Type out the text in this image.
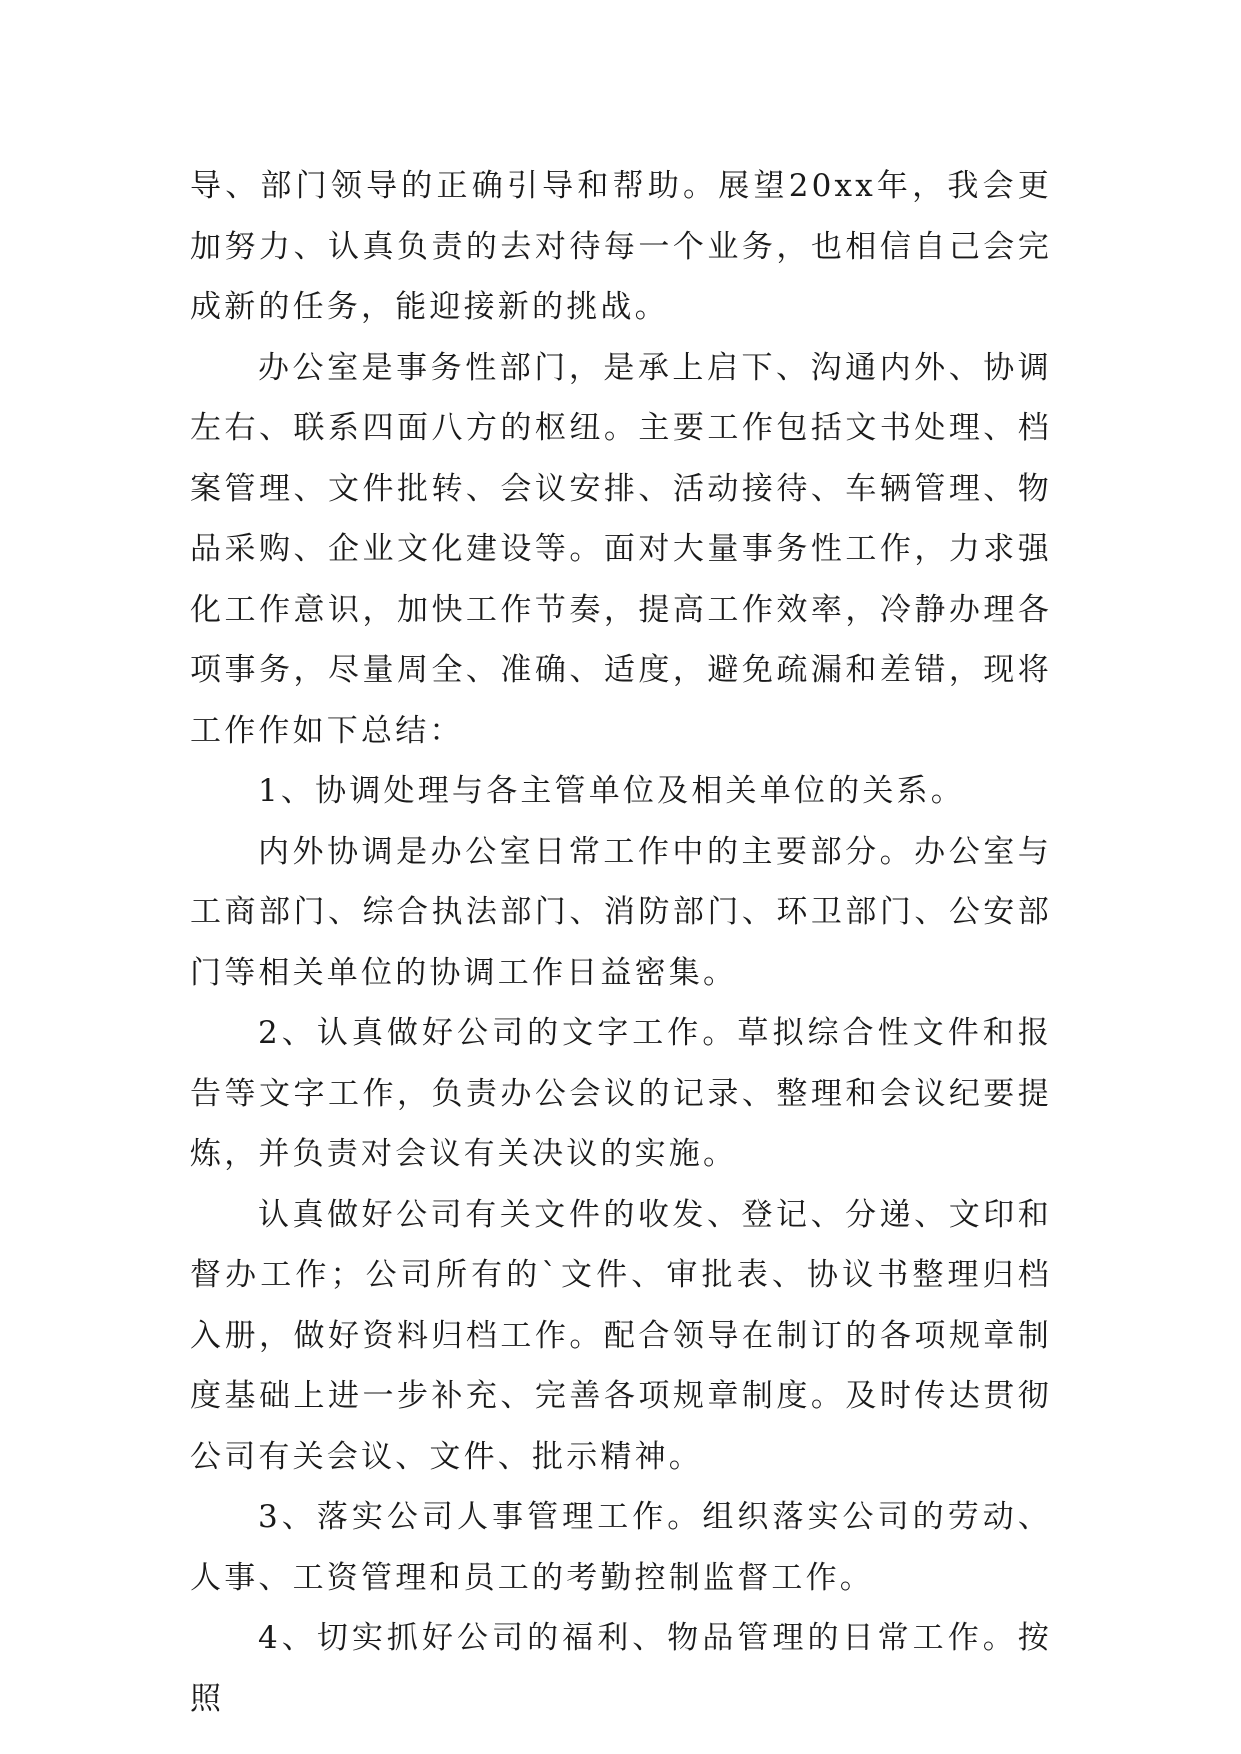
导、部门领导的正确引导和帮助。展望20xx年，我会更加努力、认真负责的去对待每一个业务，也相信自己会完成新的任务，能迎接新的挑战。

办公室是事务性部门，是承上启下、沟通内外、协调左右、联系四面八方的枢纽。主要工作包括文书处理、档案管理、文件批转、会议安排、活动接待、车辆管理、物品采购、企业文化建设等。面对大量事务性工作，力求强化工作意识，加快工作节奏，提高工作效率，冷静办理各项事务，尽量周全、准确、适度，避免疏漏和差错，现将工作作如下总结：

1、协调处理与各主管单位及相关单位的关系。

内外协调是办公室日常工作中的主要部分。办公室与工商部门、综合执法部门、消防部门、环卫部门、公安部门等相关单位的协调工作日益密集。

2、认真做好公司的文字工作。草拟综合性文件和报告等文字工作，负责办公会议的记录、整理和会议纪要提炼，并负责对会议有关决议的实施。

认真做好公司有关文件的收发、登记、分递、文印和督办工作；公司所有的`文件、审批表、协议书整理归档入册，做好资料归档工作。配合领导在制订的各项规章制度基础上进一步补充、完善各项规章制度。及时传达贯彻公司有关会议、文件、批示精神。

3、落实公司人事管理工作。组织落实公司的劳动、人事、工资管理和员工的考勤控制监督工作。

4、切实抓好公司的福利、物品管理的日常工作。按照
